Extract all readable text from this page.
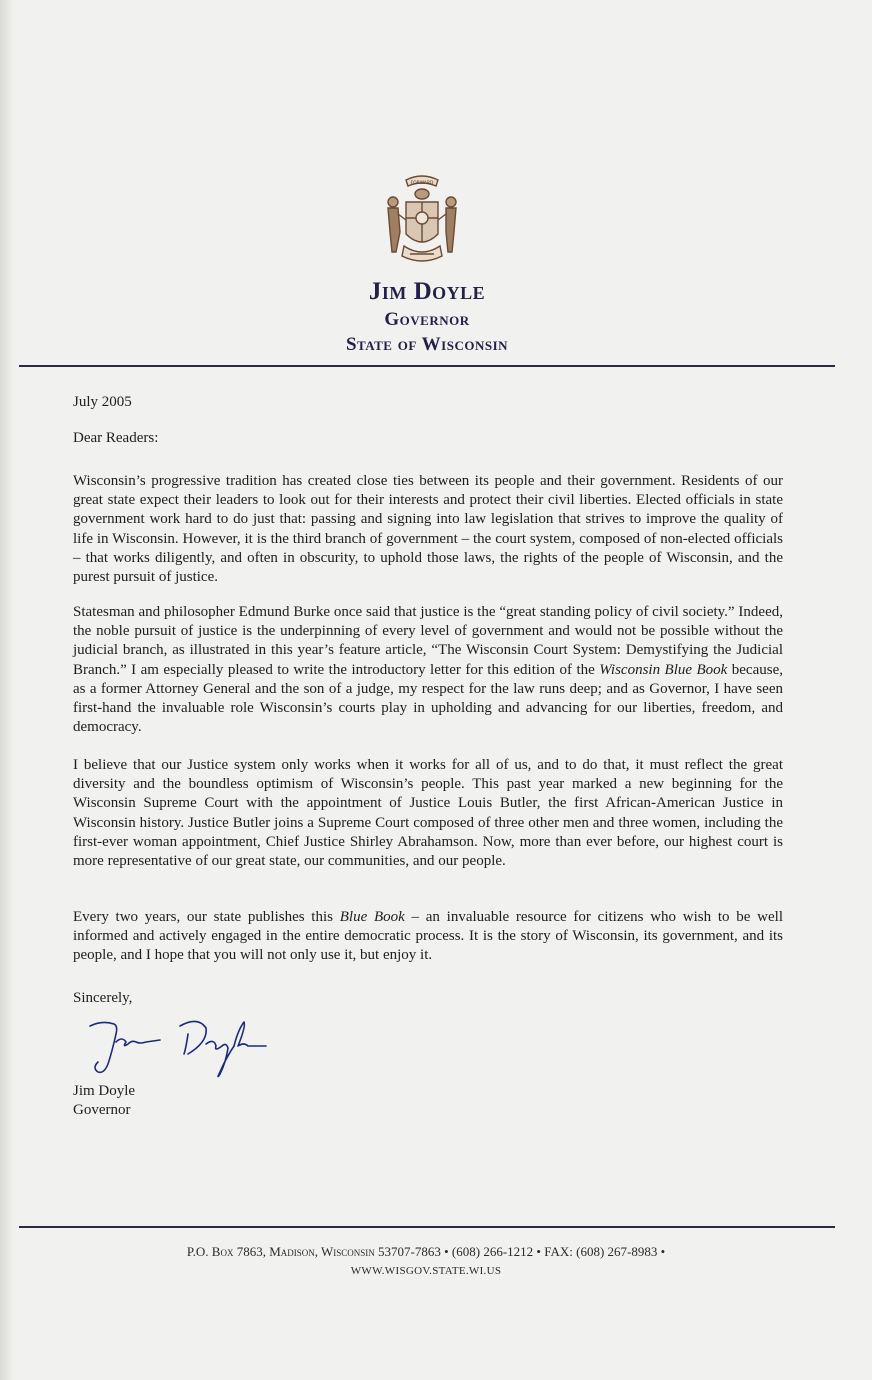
FORWARD
Jim Doyle
Governor
State of Wisconsin
July 2005
Dear Readers:
Wisconsin’s progressive tradition has created close ties between its people and their government. Residents of our great state expect their leaders to look out for their interests and protect their civil liberties. Elected officials in state government work hard to do just that: passing and signing into law legislation that strives to improve the quality of life in Wisconsin. However, it is the third branch of government – the court system, composed of non-elected officials – that works diligently, and often in obscurity, to uphold those laws, the rights of the people of Wisconsin, and the purest pursuit of justice.
Statesman and philosopher Edmund Burke once said that justice is the “great standing policy of civil society.” Indeed, the noble pursuit of justice is the underpinning of every level of government and would not be possible without the judicial branch, as illustrated in this year’s feature article, “The Wisconsin Court System: Demystifying the Judicial Branch.” I am especially pleased to write the introductory letter for this edition of the Wisconsin Blue Book because, as a former Attorney General and the son of a judge, my respect for the law runs deep; and as Governor, I have seen first-hand the invaluable role Wisconsin’s courts play in upholding and advancing for our liberties, freedom, and democracy.
I believe that our Justice system only works when it works for all of us, and to do that, it must reflect the great diversity and the boundless optimism of Wisconsin’s people. This past year marked a new beginning for the Wisconsin Supreme Court with the appointment of Justice Louis Butler, the first African-American Justice in Wisconsin history. Justice Butler joins a Supreme Court composed of three other men and three women, including the first-ever woman appointment, Chief Justice Shirley Abrahamson. Now, more than ever before, our highest court is more representative of our great state, our communities, and our people.
Every two years, our state publishes this Blue Book – an invaluable resource for citizens who wish to be well informed and actively engaged in the entire democratic process. It is the story of Wisconsin, its government, and its people, and I hope that you will not only use it, but enjoy it.
Sincerely,
Jim Doyle
Governor
P.O. Box 7863, Madison, Wisconsin 53707-7863 • (608) 266-1212 • FAX: (608) 267-8983 •
WWW.WISGOV.STATE.WI.US
